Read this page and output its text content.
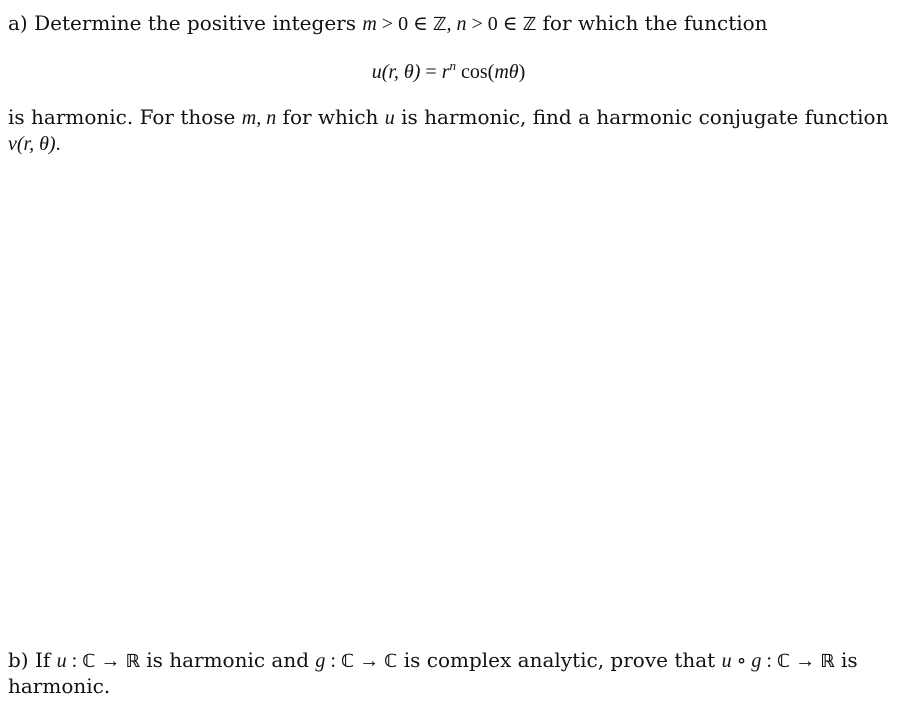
a) Determine the positive integers m > 0 ∈ ℤ, n > 0 ∈ ℤ for which the function
u(r, $\theta) = r^n$ cos(mθ)
is harmonic. For those m, n for which u is harmonic, find a harmonic conjugate function
v(r, θ).
b) If u : ℂ → ℝ is harmonic and g : ℂ → ℂ is complex analytic, prove that u ∘ g : ℂ → ℝ is
harmonic.
